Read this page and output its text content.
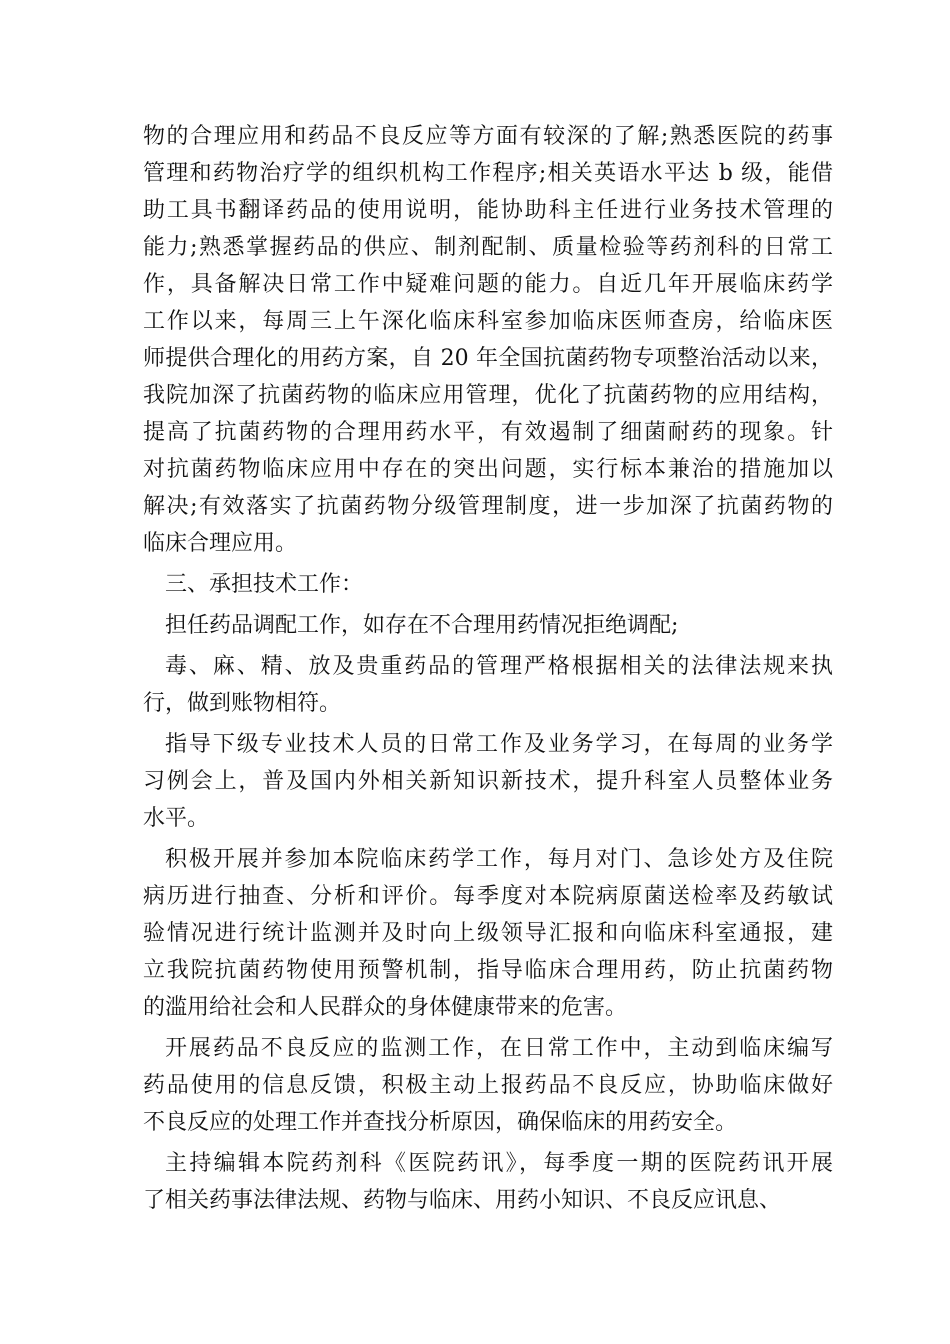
物的合理应用和药品不良反应等方面有较深的了解;熟悉医院的药事
管理和药物治疗学的组织机构工作程序;相关英语水平达 b 级，能借
助工具书翻译药品的使用说明，能协助科主任进行业务技术管理的
能力;熟悉掌握药品的供应、制剂配制、质量检验等药剂科的日常工
作，具备解决日常工作中疑难问题的能力。自近几年开展临床药学
工作以来，每周三上午深化临床科室参加临床医师查房，给临床医
师提供合理化的用药方案，自 20 年全国抗菌药物专项整治活动以来，
我院加深了抗菌药物的临床应用管理，优化了抗菌药物的应用结构，
提高了抗菌药物的合理用药水平，有效遏制了细菌耐药的现象。针
对抗菌药物临床应用中存在的突出问题，实行标本兼治的措施加以
解决;有效落实了抗菌药物分级管理制度，进一步加深了抗菌药物的
临床合理应用。
三、承担技术工作：
担任药品调配工作，如存在不合理用药情况拒绝调配;
毒、麻、精、放及贵重药品的管理严格根据相关的法律法规来执
行，做到账物相符。
指导下级专业技术人员的日常工作及业务学习，在每周的业务学
习例会上，普及国内外相关新知识新技术，提升科室人员整体业务
水平。
积极开展并参加本院临床药学工作，每月对门、急诊处方及住院
病历进行抽查、分析和评价。每季度对本院病原菌送检率及药敏试
验情况进行统计监测并及时向上级领导汇报和向临床科室通报，建
立我院抗菌药物使用预警机制，指导临床合理用药，防止抗菌药物
的滥用给社会和人民群众的身体健康带来的危害。
开展药品不良反应的监测工作，在日常工作中，主动到临床编写
药品使用的信息反馈，积极主动上报药品不良反应，协助临床做好
不良反应的处理工作并查找分析原因，确保临床的用药安全。
主持编辑本院药剂科《医院药讯》，每季度一期的医院药讯开展
了相关药事法律法规、药物与临床、用药小知识、不良反应讯息、
